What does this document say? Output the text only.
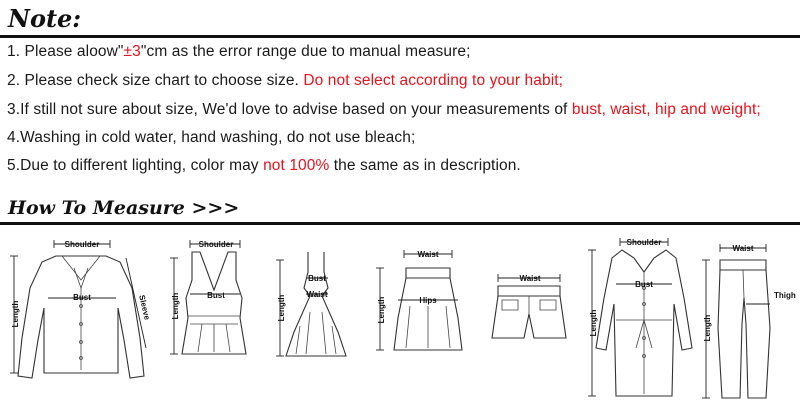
Note:
1. Please aloow"±3"cm as the error range due to manual measure;
2. Please check size chart to choose size. Do not select according to your habit;
3.If still not sure about size, We'd love to advise based on your measurements of bust, waist, hip and weight;
4.Washing in cold water, hand washing, do not use bleach;
5.Due to different lighting, color may not 100% the same as in description.
How To Measure >>>
Shoulder
Bust
Length	Sleeve
Shoulder
Bust
Length
Bust
Waist
Length
Waist
Hips
Length
Waist
Shoulder
Bust
Length
Waist
Thigh
Length
